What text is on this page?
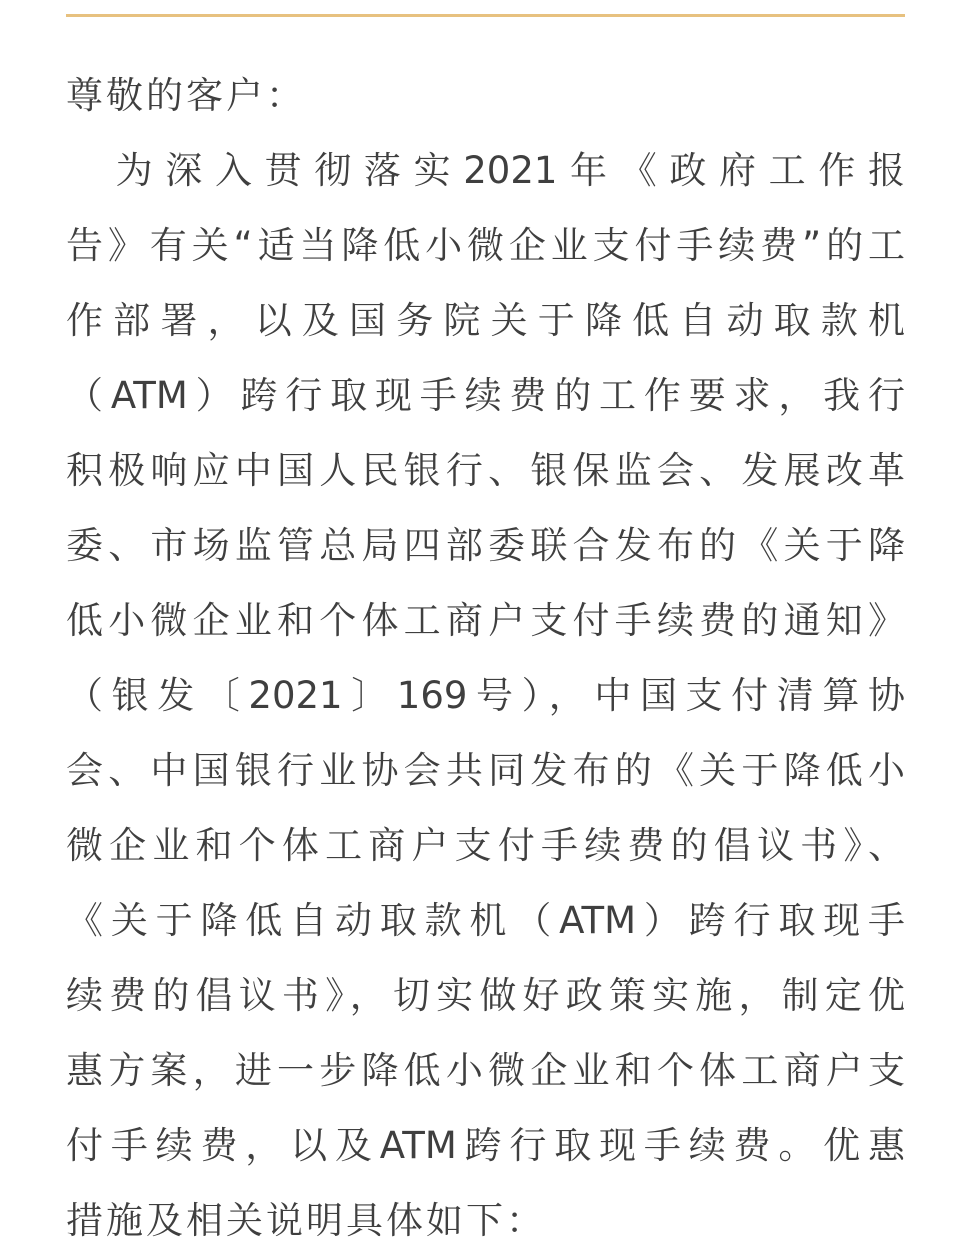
尊敬的客户：
　为深入贯彻落实2021年《政府工作报
告》有关“适当降低小微企业支付手续费”的工
作部署，以及国务院关于降低自动取款机
（ATM）跨行取现手续费的工作要求，我行
积极响应中国人民银行、银保监会、发展改革
委、市场监管总局四部委联合发布的《关于降
低小微企业和个体工商户支付手续费的通知》
（银发〔2021〕169号），中国支付清算协
会、中国银行业协会共同发布的《关于降低小
微企业和个体工商户支付手续费的倡议书》、
《关于降低自动取款机（ATM）跨行取现手
续费的倡议书》，切实做好政策实施，制定优
惠方案，进一步降低小微企业和个体工商户支
付手续费，以及ATM跨行取现手续费。优惠
措施及相关说明具体如下：
